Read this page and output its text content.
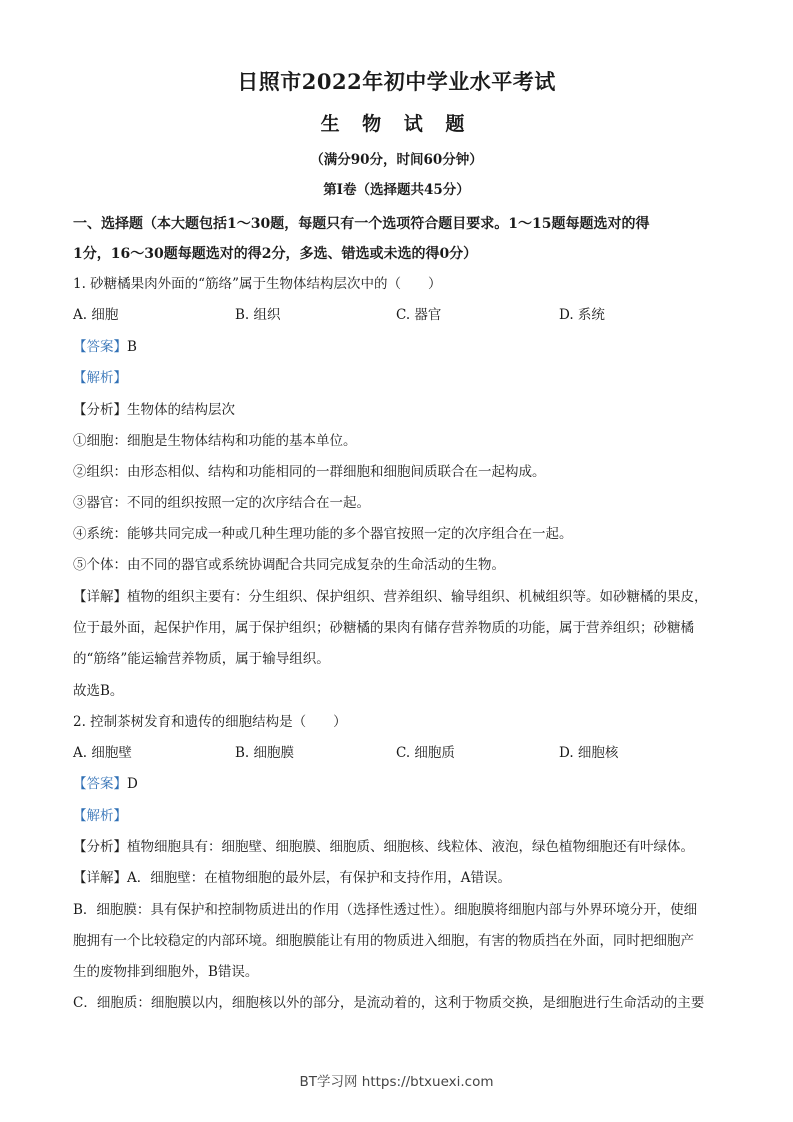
日照市2022年初中学业水平考试
生 物 试 题
（满分90分，时间60分钟）
第Ⅰ卷（选择题共45分）
一、选择题（本大题包括1～30题，每题只有一个选项符合题目要求。1～15题每题选对的得
1分，16～30题每题选对的得2分，多选、错选或未选的得0分）
1. 砂糖橘果肉外面的“筋络”属于生物体结构层次中的（　　）
A. 细胞	B. 组织	C. 器官	D. 系统
【答案】B
【解析】
【分析】生物体的结构层次
①细胞：细胞是生物体结构和功能的基本单位。
②组织：由形态相似、结构和功能相同的一群细胞和细胞间质联合在一起构成。
③器官：不同的组织按照一定的次序结合在一起。
④系统：能够共同完成一种或几种生理功能的多个器官按照一定的次序组合在一起。
⑤个体：由不同的器官或系统协调配合共同完成复杂的生命活动的生物。
【详解】植物的组织主要有：分生组织、保护组织、营养组织、输导组织、机械组织等。如砂糖橘的果皮，
位于最外面，起保护作用，属于保护组织；砂糖橘的果肉有储存营养物质的功能，属于营养组织；砂糖橘
的“筋络”能运输营养物质，属于输导组织。
故选B。
2. 控制茶树发育和遗传的细胞结构是（　　）
A. 细胞壁	B. 细胞膜	C. 细胞质	D. 细胞核
【答案】D
【解析】
【分析】植物细胞具有：细胞壁、细胞膜、细胞质、细胞核、线粒体、液泡，绿色植物细胞还有叶绿体。
【详解】A．细胞壁：在植物细胞的最外层，有保护和支持作用，A错误。
B．细胞膜：具有保护和控制物质进出的作用（选择性透过性）。细胞膜将细胞内部与外界环境分开，使细
胞拥有一个比较稳定的内部环境。细胞膜能让有用的物质进入细胞，有害的物质挡在外面，同时把细胞产
生的废物排到细胞外，B错误。
C．细胞质：细胞膜以内，细胞核以外的部分，是流动着的，这利于物质交换，是细胞进行生命活动的主要
BT学习网 https://btxuexi.com
